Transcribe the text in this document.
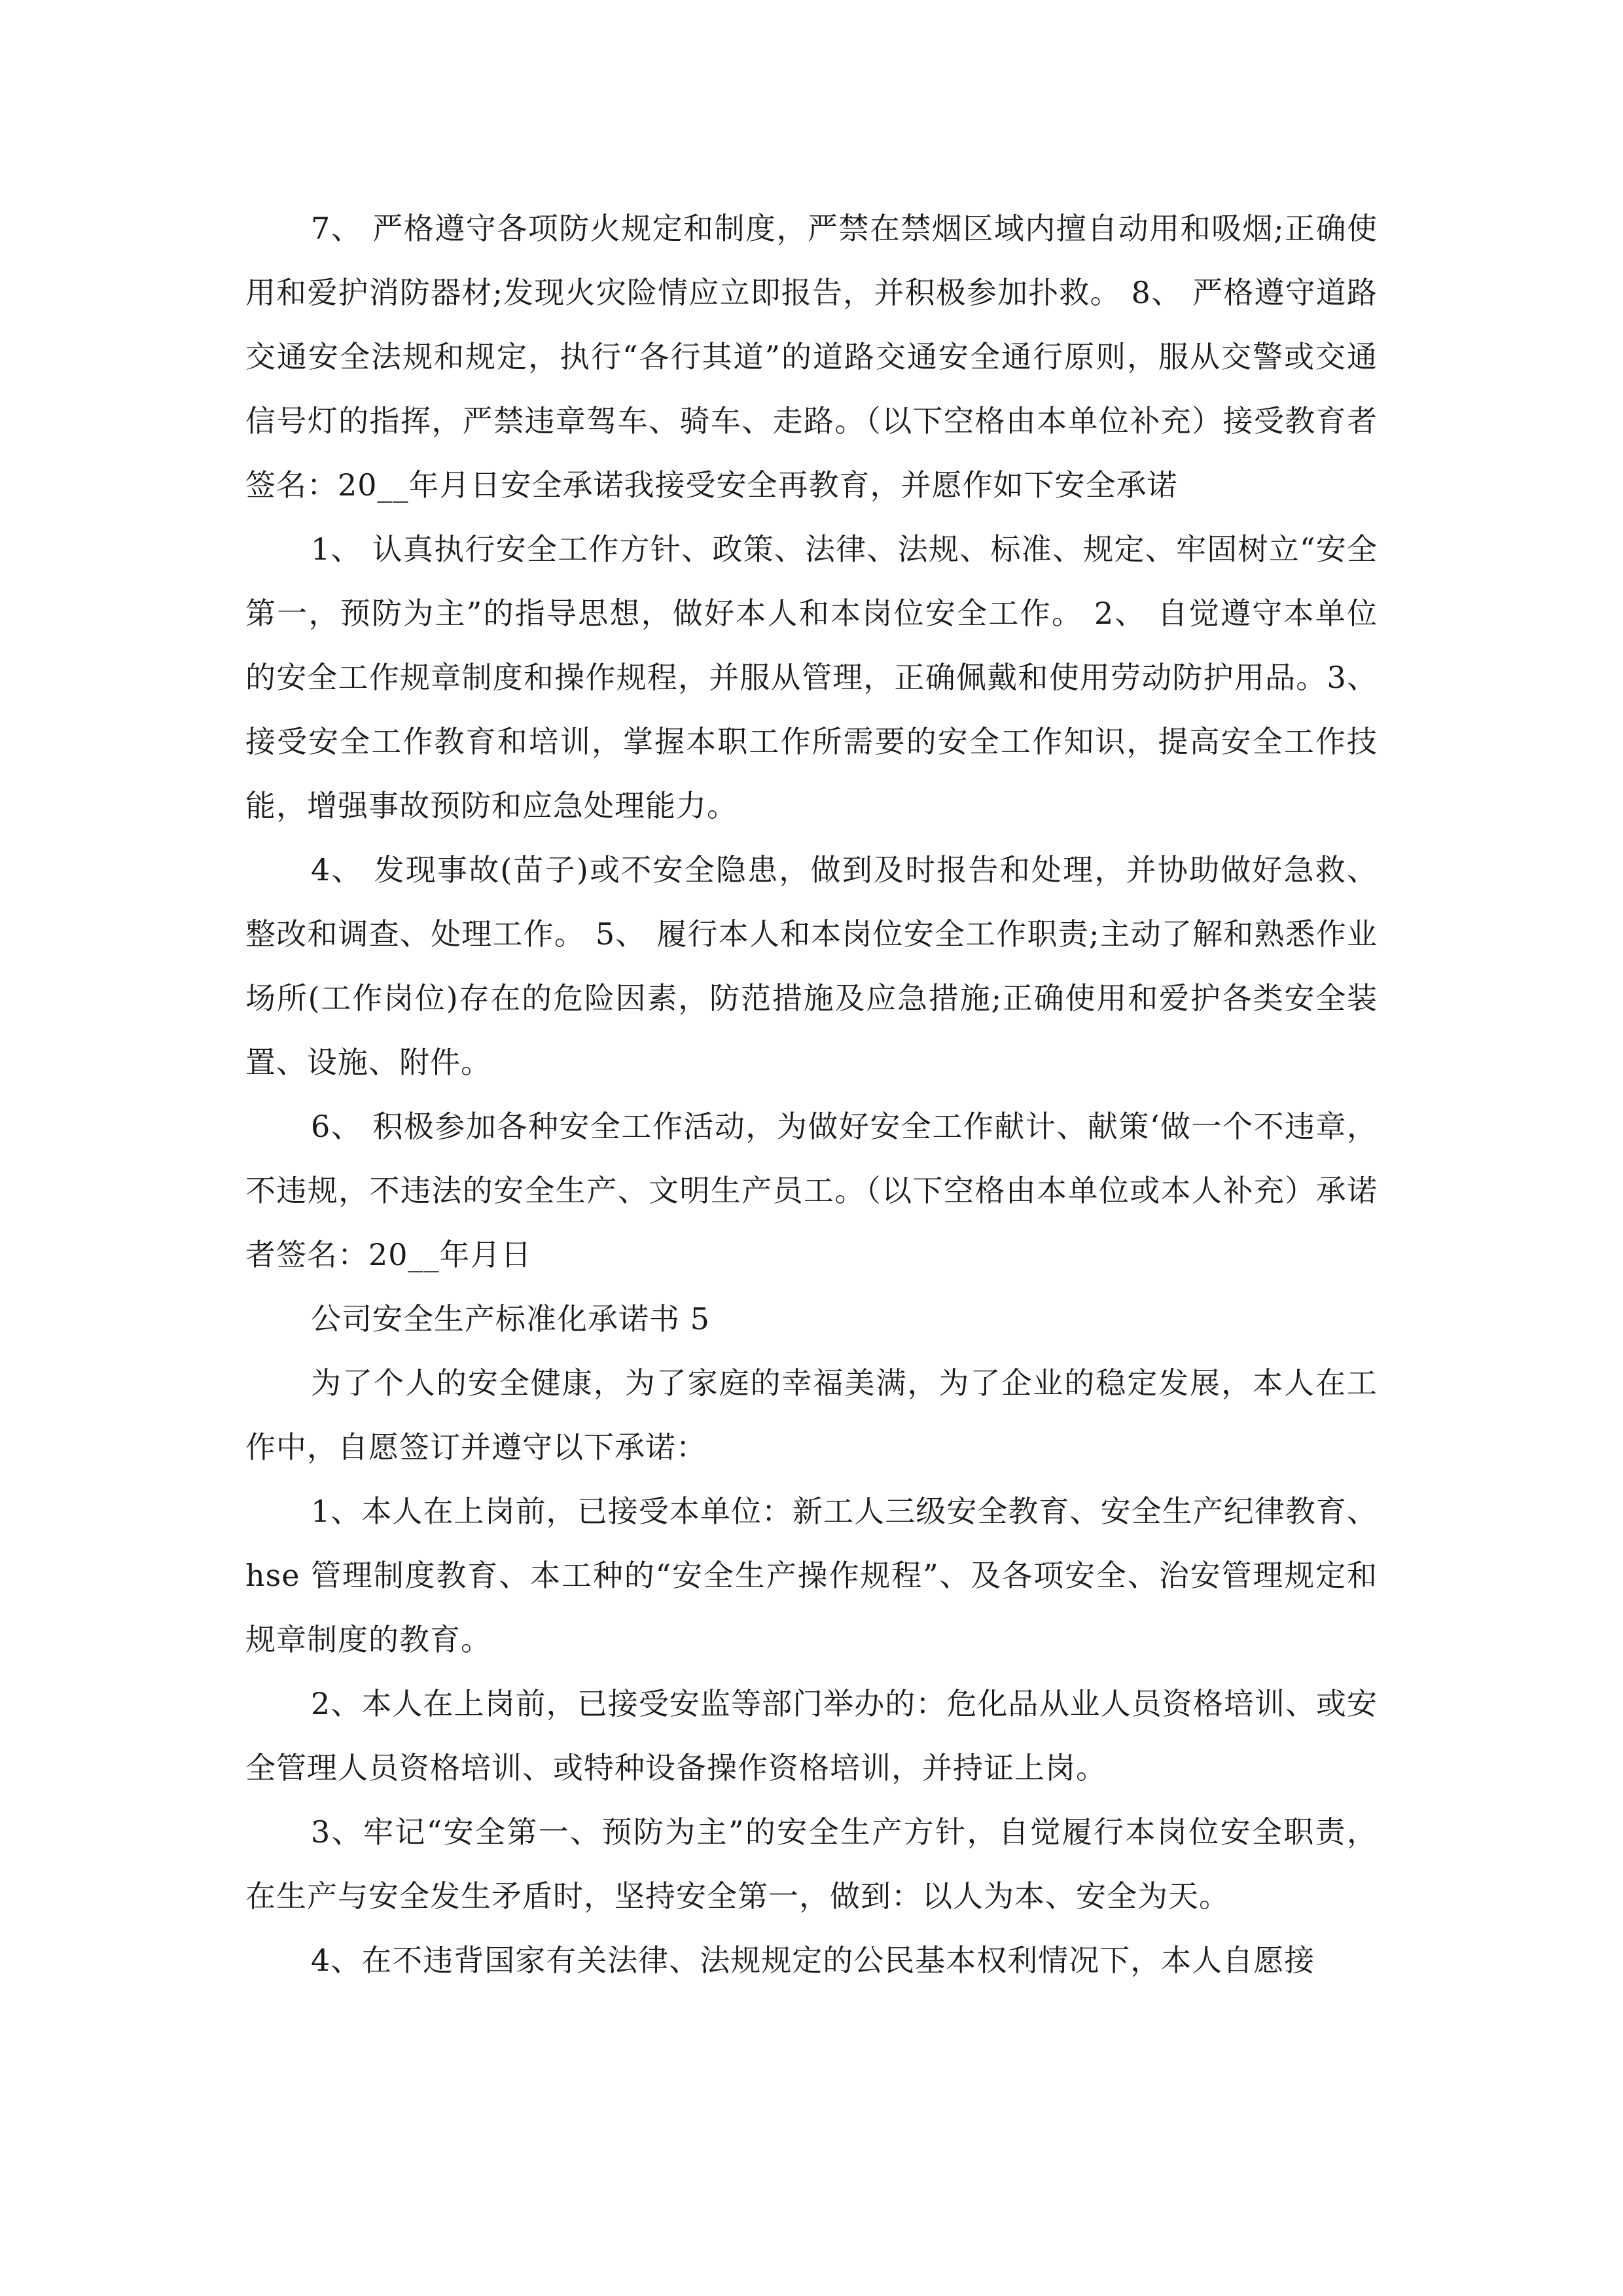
7、 严格遵守各项防火规定和制度，严禁在禁烟区域内擅自动用和吸烟;正确使用和爱护消防器材;发现火灾险情应立即报告，并积极参加扑救。 8、 严格遵守道路交通安全法规和规定，执行“各行其道”的道路交通安全通行原则，服从交警或交通信号灯的指挥，严禁违章驾车、骑车、走路。（以下空格由本单位补充）接受教育者签名：20__年月日安全承诺我接受安全再教育，并愿作如下安全承诺

1、 认真执行安全工作方针、政策、法律、法规、标准、规定、牢固树立“安全第一，预防为主”的指导思想，做好本人和本岗位安全工作。 2、 自觉遵守本单位的安全工作规章制度和操作规程，并服从管理，正确佩戴和使用劳动防护用品。3、 接受安全工作教育和培训，掌握本职工作所需要的安全工作知识，提高安全工作技能，增强事故预防和应急处理能力。

4、 发现事故(苗子)或不安全隐患，做到及时报告和处理，并协助做好急救、整改和调查、处理工作。 5、 履行本人和本岗位安全工作职责;主动了解和熟悉作业场所(工作岗位)存在的危险因素，防范措施及应急措施;正确使用和爱护各类安全装置、设施、附件。

6、 积极参加各种安全工作活动，为做好安全工作献计、献策‘做一个不违章，不违规，不违法的安全生产、文明生产员工。（以下空格由本单位或本人补充）承诺者签名：20__年月日

公司安全生产标准化承诺书 5

为了个人的安全健康，为了家庭的幸福美满，为了企业的稳定发展，本人在工作中，自愿签订并遵守以下承诺：

1、本人在上岗前，已接受本单位：新工人三级安全教育、安全生产纪律教育、hse 管理制度教育、本工种的“安全生产操作规程”、及各项安全、治安管理规定和规章制度的教育。

2、本人在上岗前，已接受安监等部门举办的：危化品从业人员资格培训、或安全管理人员资格培训、或特种设备操作资格培训，并持证上岗。

3、牢记“安全第一、预防为主”的安全生产方针，自觉履行本岗位安全职责，在生产与安全发生矛盾时，坚持安全第一，做到：以人为本、安全为天。

4、在不违背国家有关法律、法规规定的公民基本权利情况下，本人自愿接
